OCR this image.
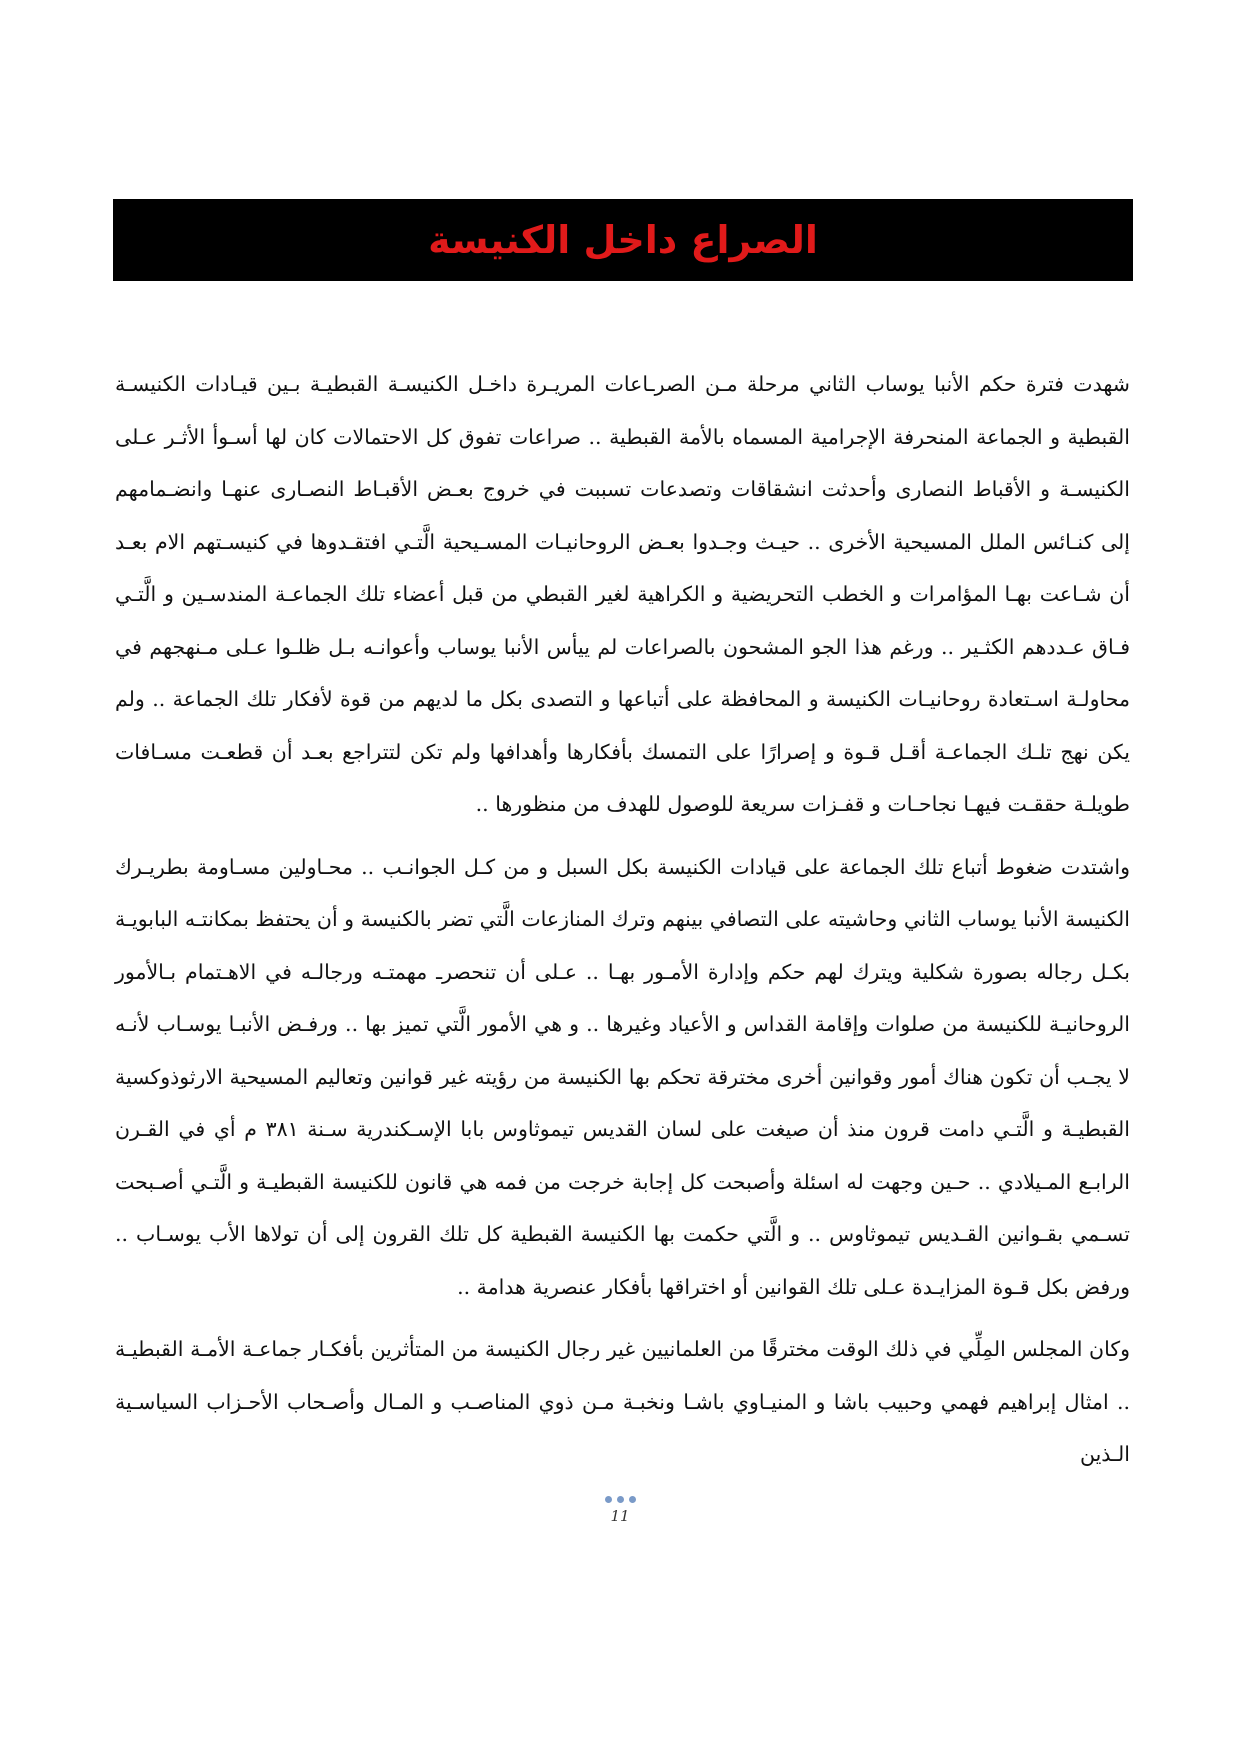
الصراع داخل الكنيسة

شهدت فترة حكم الأنبا يوساب الثاني مرحلة مـن الصرـاعات المريـرة داخـل الكنيسـة القبطيـة بـين قيـادات الكنيسـة القبطية و الجماعة المنحرفة الإجرامية المسماه بالأمة القبطية .. صراعات تفوق كل الاحتمالات كان لها أسـوأ الأثـر عـلى الكنيسـة و الأقباط النصارى وأحدثت انشقاقات وتصدعات تسببت في خروج بعـض الأقبـاط النصـارى عنهـا وانضـمامهم إلى كنـائس الملل المسيحية الأخرى .. حيـث وجـدوا بعـض الروحانيـات المسـيحية الَّتـي افتقـدوها في كنيسـتهم الام بعـد أن شـاعت بهـا المؤامرات و الخطب التحريضية و الكراهية لغير القبطي من قبل أعضاء تلك الجماعـة المندسـين و الَّتـي فـاق عـددهم الكثـير .. ورغم هذا الجو المشحون بالصراعات لم ييأس الأنبا يوساب وأعوانـه بـل ظلـوا عـلى مـنهجهم في محاولـة اسـتعادة روحانيـات الكنيسة و المحافظة على أتباعها و التصدى بكل ما لديهم من قوة لأفكار تلك الجماعة .. ولم يكن نهج تلـك الجماعـة أقـل قـوة و إصرارًا على التمسك بأفكارها وأهدافها ولم تكن لتتراجع بعـد أن قطعـت مسـافات طويلـة حققـت فيهـا نجاحـات و قفـزات سريعة للوصول للهدف من منظورها ..

واشتدت ضغوط أتباع تلك الجماعة على قيادات الكنيسة بكل السبل و من كـل الجوانـب .. محـاولين مسـاومة بطريـرك الكنيسة الأنبا يوساب الثاني وحاشيته على التصافي بينهم وترك المنازعات الَّتي تضر بالكنيسة و أن يحتفظ بمكانتـه البابويـة بكـل رجاله بصورة شكلية ويترك لهم حكم وإدارة الأمـور بهـا .. عـلى أن تنحصرـ مهمتـه ورجالـه في الاهـتمام بـالأمور الروحانيـة للكنيسة من صلوات وإقامة القداس و الأعياد وغيرها .. و هي الأمور الَّتي تميز بها .. ورفـض الأنبـا يوسـاب لأنـه لا يجـب أن تكون هناك أمور وقوانين أخرى مخترقة تحكم بها الكنيسة من رؤيته غير قوانين وتعاليم المسيحية الارثوذوكسية القبطيـة و الَّتـي دامت قرون منذ أن صيغت على لسان القديس تيموثاوس بابا الإسـكندرية سـنة ٣٨١ م أي في القـرن الرابـع المـيلادي .. حـين وجهت له اسئلة وأصبحت كل إجابة خرجت من فمه هي قانون للكنيسة القبطيـة و الَّتـي أصـبحت تسـمي بقـوانين القـديس تيموثاوس .. و الَّتي حكمت بها الكنيسة القبطية كل تلك القرون إلى أن تولاها الأب يوسـاب .. ورفض بكل قـوة المزايـدة عـلى تلك القوانين أو اختراقها بأفكار عنصرية هدامة ..

وكان المجلس المِلِّي في ذلك الوقت مخترقًا من العلمانيين غير رجال الكنيسة من المتأثرين بأفكـار جماعـة الأمـة القبطيـة .. امثال إبراهيم فهمي وحبيب باشا و المنيـاوي باشـا ونخبـة مـن ذوي المناصـب و المـال وأصـحاب الأحـزاب السياسـية الـذين

11
